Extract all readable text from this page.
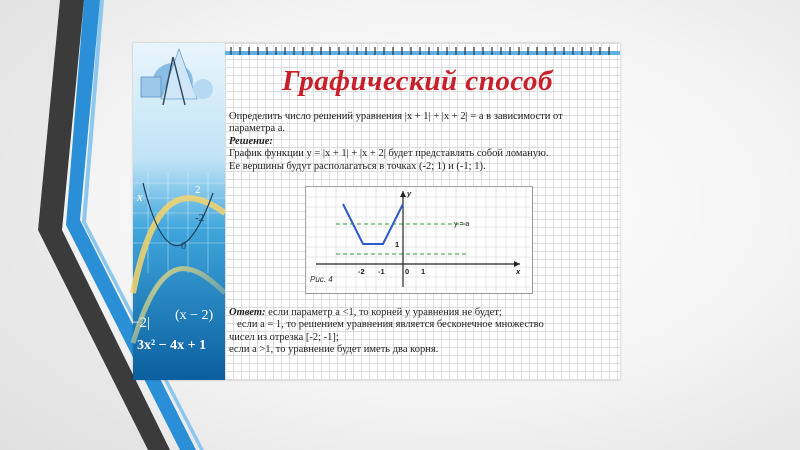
x	2
-2
0
−2| (x − 2)
3x² − 4x + 1
Графический способ
Определить число решений уравнения |x + 1| + |x + 2| = a в зависимости от
параметра a.
Решение:
График функции y = |x + 1| + |x + 2| будет представлять собой ломаную.
Ее вершины будут располагаться в точках (-2; 1) и (-1; 1).
-2 -1	0 1
1
x
y
y = a
Рис. 4
Ответ: если параметр a <1, то корней у уравнения не будет;
если a = 1, то решением уравнения является бесконечное множество
чисел из отрезка [-2; -1];
если a >1, то уравнение будет иметь два корня.
